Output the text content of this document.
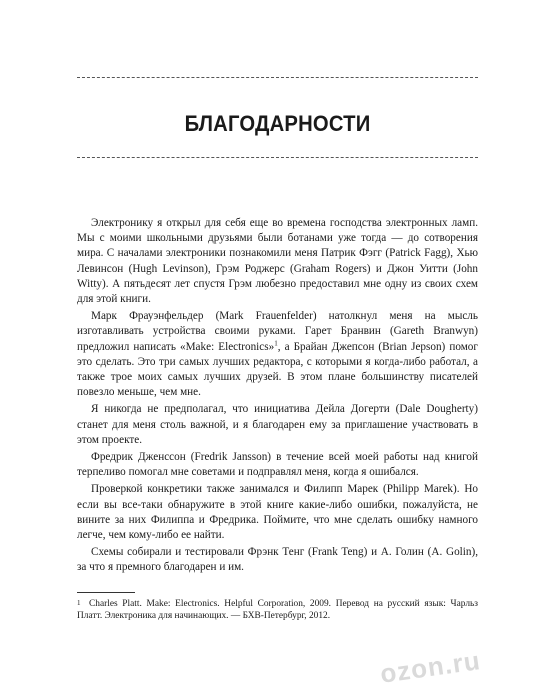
БЛАГОДАРНОСТИ

Электронику я открыл для себя еще во времена господства электронных ламп. Мы с моими школьными друзьями были ботанами уже тогда — до сотворения мира. С началами электроники познакомили меня Патрик Фэгг (Patrick Fagg), Хью Левинсон (Hugh Levinson), Грэм Роджерс (Graham Rogers) и Джон Уитти (John Witty). А пятьдесят лет спустя Грэм любезно предоставил мне одну из своих схем для этой книги.

Марк Фрауэнфельдер (Mark Frauenfelder) натолкнул меня на мысль изготавливать устройства своими руками. Гарет Бранвин (Gareth Branwyn) предложил написать «Make: Electronics»$^1$, а Брайан Джепсон (Brian Jepson) помог это сделать. Это три самых лучших редактора, с которыми я когда-либо работал, а также трое моих самых лучших друзей. В этом плане большинству писателей повезло меньше, чем мне.

Я никогда не предполагал, что инициатива Дейла Догерти (Dale Dougherty) станет для меня столь важной, и я благодарен ему за приглашение участвовать в этом проекте.

Фредрик Дженссон (Fredrik Jansson) в течение всей моей работы над книгой терпеливо помогал мне советами и подправлял меня, когда я ошибался.

Проверкой конкретики также занимался и Филипп Марек (Philipp Marek). Но если вы все-таки обнаружите в этой книге какие-либо ошибки, пожалуйста, не вините за них Филиппа и Фредрика. Поймите, что мне сделать ошибку намного легче, чем кому-либо ее найти.

Схемы собирали и тестировали Фрэнк Тенг (Frank Teng) и А. Голин (A. Golin), за что я премного благодарен и им.

1 Charles Platt. Make: Electronics. Helpful Corporation, 2009. Перевод на русский язык: Чарльз Платт. Электроника для начинающих. — БХВ-Петербург, 2012.
ozon.ru
